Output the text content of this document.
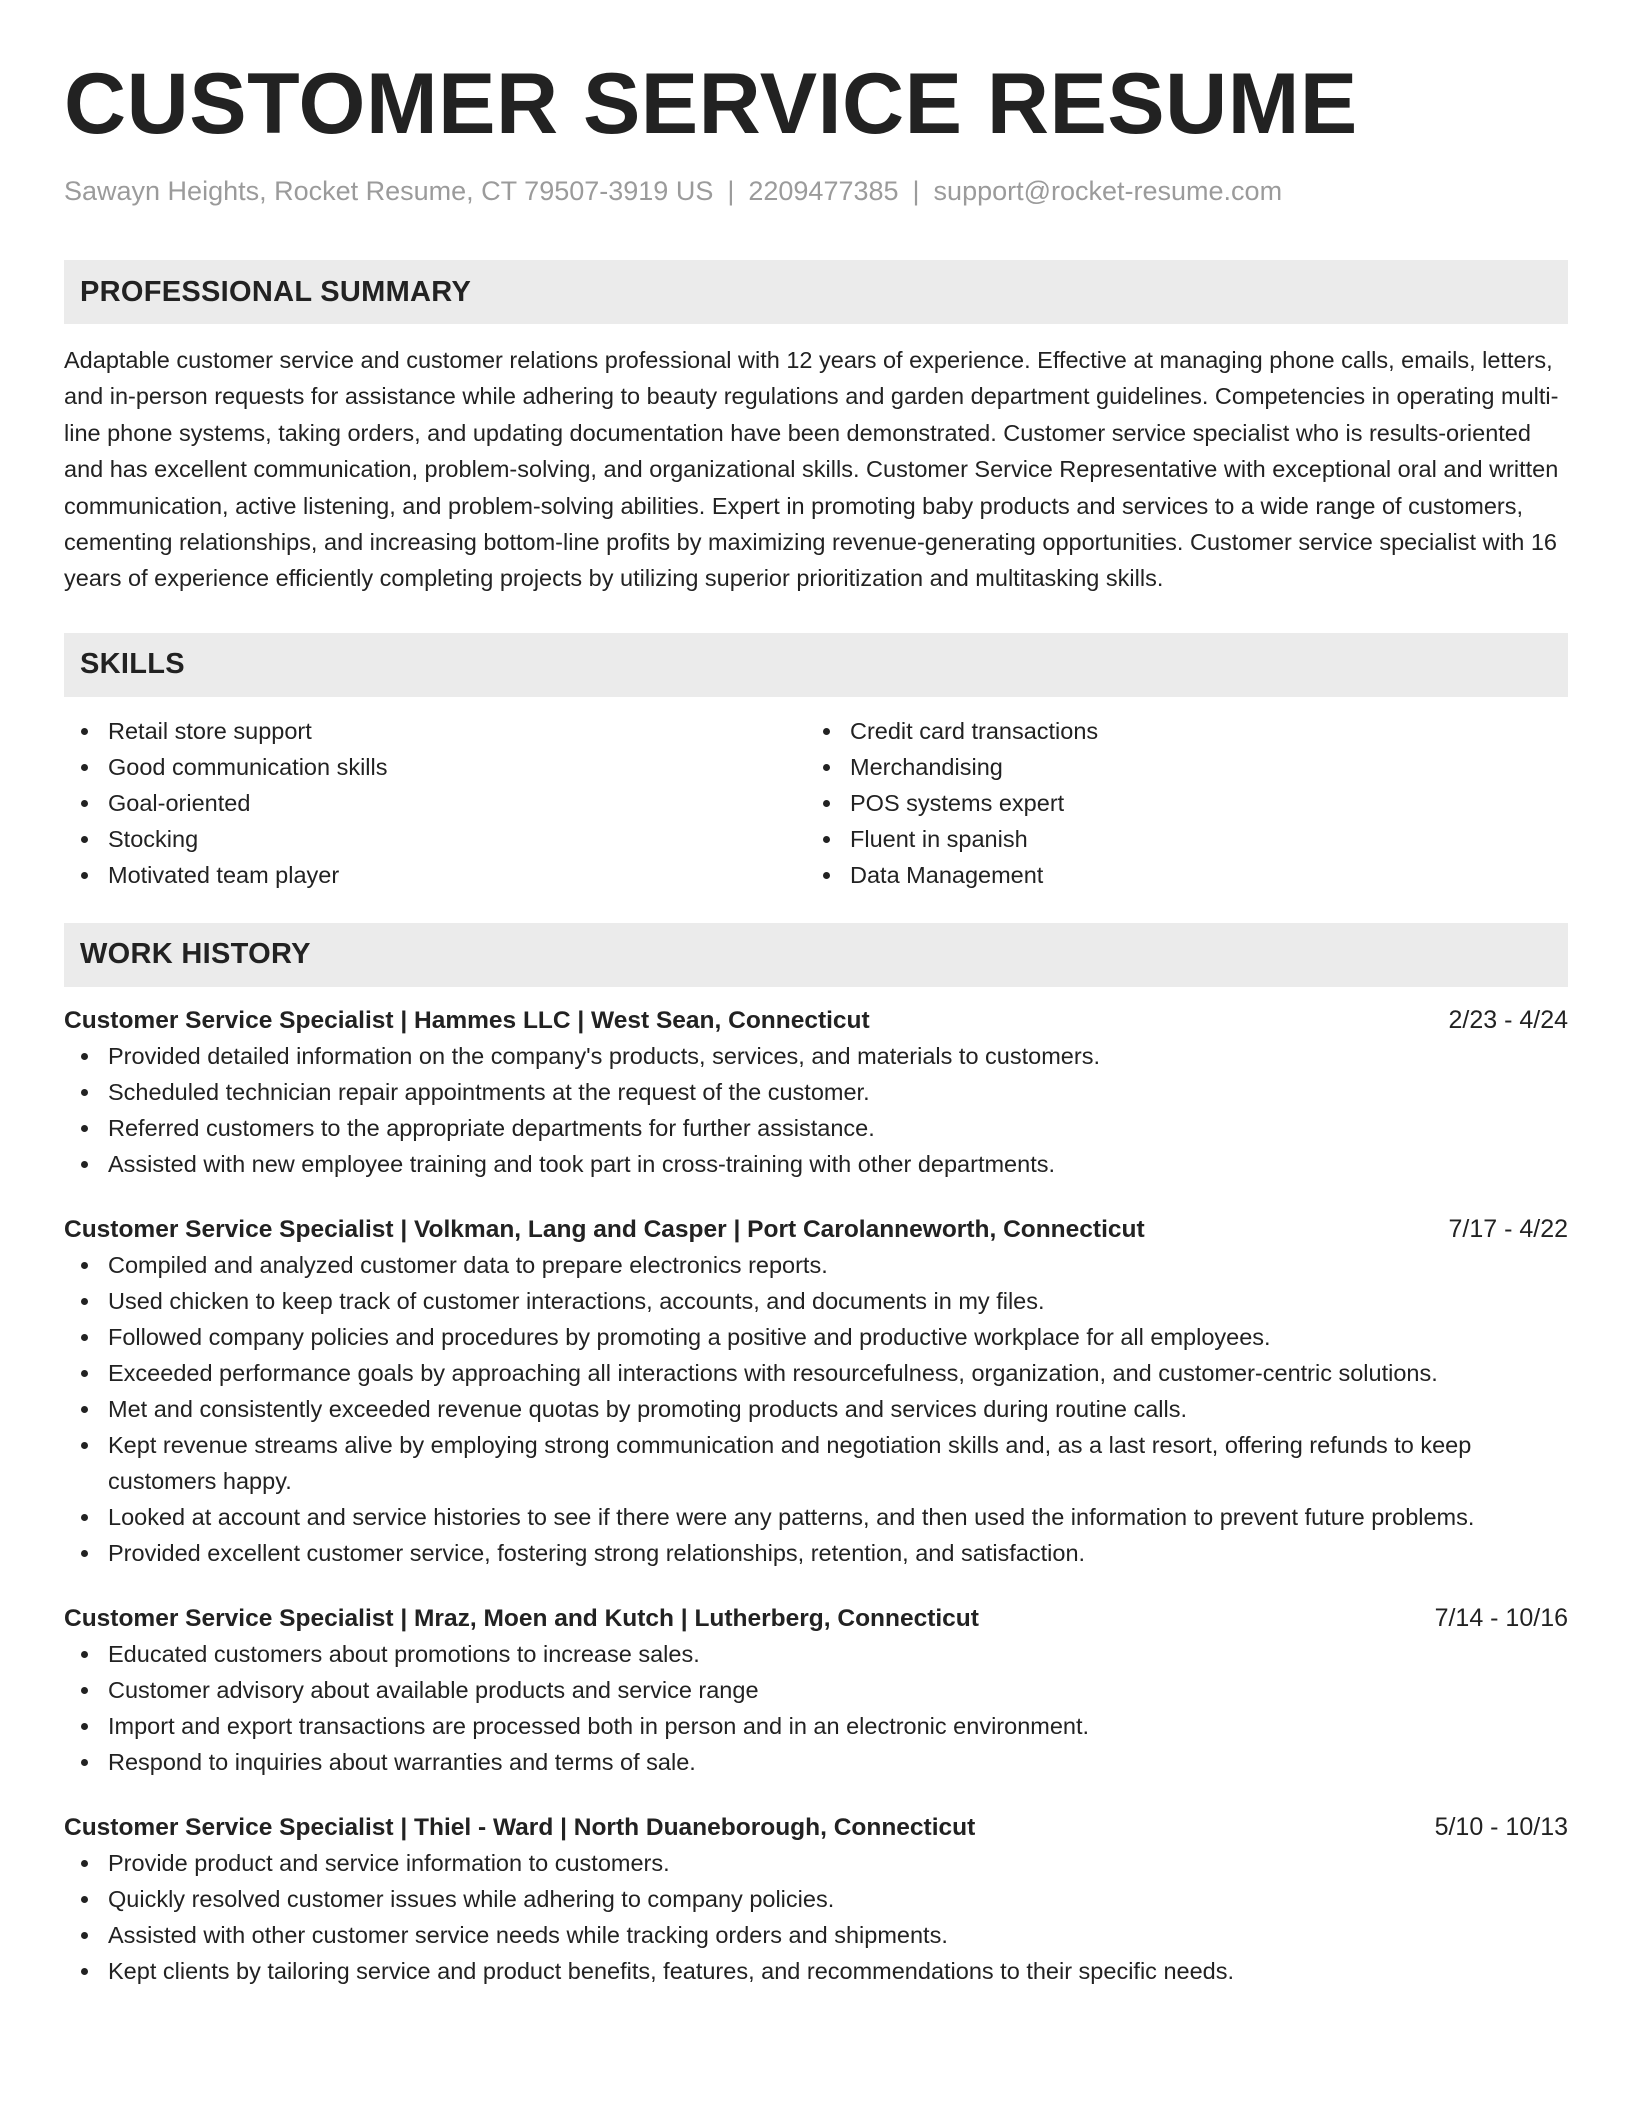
CUSTOMER SERVICE RESUME
Sawayn Heights, Rocket Resume, CT 79507-3919 US | 2209477385 | support@rocket-resume.com
PROFESSIONAL SUMMARY

Adaptable customer service and customer relations professional with 12 years of experience. Effective at managing phone calls, emails, letters, and in-person requests for assistance while adhering to beauty regulations and garden department guidelines. Competencies in operating multi-line phone systems, taking orders, and updating documentation have been demonstrated. Customer service specialist who is results-oriented and has excellent communication, problem-solving, and organizational skills. Customer Service Representative with exceptional oral and written communication, active listening, and problem-solving abilities. Expert in promoting baby products and services to a wide range of customers, cementing relationships, and increasing bottom-line profits by maximizing revenue-generating opportunities. Customer service specialist with 16 years of experience efficiently completing projects by utilizing superior prioritization and multitasking skills.

SKILLS
Retail store support
Good communication skills
Goal-oriented
Stocking
Motivated team player
Credit card transactions
Merchandising
POS systems expert
Fluent in spanish
Data Management
WORK HISTORY
Customer Service Specialist | Hammes LLC | West Sean, Connecticut	2/23 - 4/24
Provided detailed information on the company's products, services, and materials to customers.
Scheduled technician repair appointments at the request of the customer.
Referred customers to the appropriate departments for further assistance.
Assisted with new employee training and took part in cross-training with other departments.
Customer Service Specialist | Volkman, Lang and Casper | Port Carolanneworth, Connecticut	7/17 - 4/22
Compiled and analyzed customer data to prepare electronics reports.
Used chicken to keep track of customer interactions, accounts, and documents in my files.
Followed company policies and procedures by promoting a positive and productive workplace for all employees.
Exceeded performance goals by approaching all interactions with resourcefulness, organization, and customer-centric solutions.
Met and consistently exceeded revenue quotas by promoting products and services during routine calls.
Kept revenue streams alive by employing strong communication and negotiation skills and, as a last resort, offering refunds to keep customers happy.
Looked at account and service histories to see if there were any patterns, and then used the information to prevent future problems.
Provided excellent customer service, fostering strong relationships, retention, and satisfaction.
Customer Service Specialist | Mraz, Moen and Kutch | Lutherberg, Connecticut	7/14 - 10/16
Educated customers about promotions to increase sales.
Customer advisory about available products and service range
Import and export transactions are processed both in person and in an electronic environment.
Respond to inquiries about warranties and terms of sale.
Customer Service Specialist | Thiel - Ward | North Duaneborough, Connecticut	5/10 - 10/13
Provide product and service information to customers.
Quickly resolved customer issues while adhering to company policies.
Assisted with other customer service needs while tracking orders and shipments.
Kept clients by tailoring service and product benefits, features, and recommendations to their specific needs.
